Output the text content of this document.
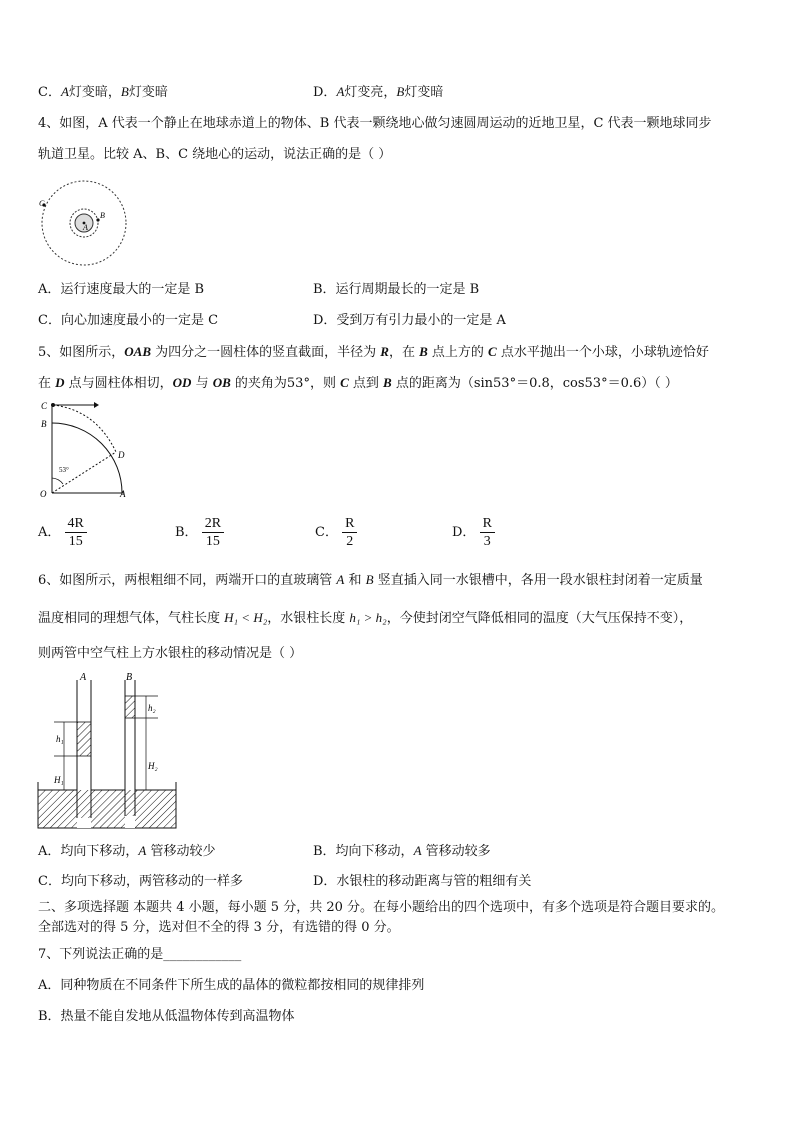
C．A灯变暗，B灯变暗	D．A灯变亮，B灯变暗
4、如图，A 代表一个静止在地球赤道上的物体、B 代表一颗绕地心做匀速圆周运动的近地卫星，C 代表一颗地球同步
轨道卫星。比较 A、B、C 绕地心的运动，说法正确的是（ ）
A
B
C
A．运行速度最大的一定是 B	B．运行周期最长的一定是 B
C．向心加速度最小的一定是 C	D．受到万有引力最小的一定是 A
5、如图所示，OAB 为四分之一圆柱体的竖直截面，半径为 R，在 B 点上方的 C 点水平抛出一个小球，小球轨迹恰好
在 D 点与圆柱体相切，OD 与 OB 的夹角为53°，则 C 点到 B 点的距离为（sin53°＝0.8，cos53°＝0.6）（ ）
C
B
D
O	A
53°
A． $\frac{4R}{15}$	B． $\frac{2R}{15}$	C． $\frac{R}{2}$	D． $\frac{R}{3}$
6、如图所示，两根粗细不同，两端开口的直玻璃管 A 和 B 竖直插入同一水银槽中，各用一段水银柱封闭着一定质量
温度相同的理想气体，气柱长度 H₁ < H₂，水银柱长度 h₁ > h₂，今使封闭空气降低相同的温度（大气压保持不变），
则两管中空气柱上方水银柱的移动情况是（ ）
A	B
h₁
h₂
H₁
H₂
A．均向下移动，A 管移动较少	B．均向下移动，A 管移动较多
C．均向下移动，两管移动的一样多	D．水银柱的移动距离与管的粗细有关
二、多项选择题 本题共 4 小题，每小题 5 分，共 20 分。在每小题给出的四个选项中，有多个选项是符合题目要求的。
全部选对的得 5 分，选对但不全的得 3 分，有选错的得 0 分。
7、下列说法正确的是____________
A．同种物质在不同条件下所生成的晶体的微粒都按相同的规律排列
B．热量不能自发地从低温物体传到高温物体
